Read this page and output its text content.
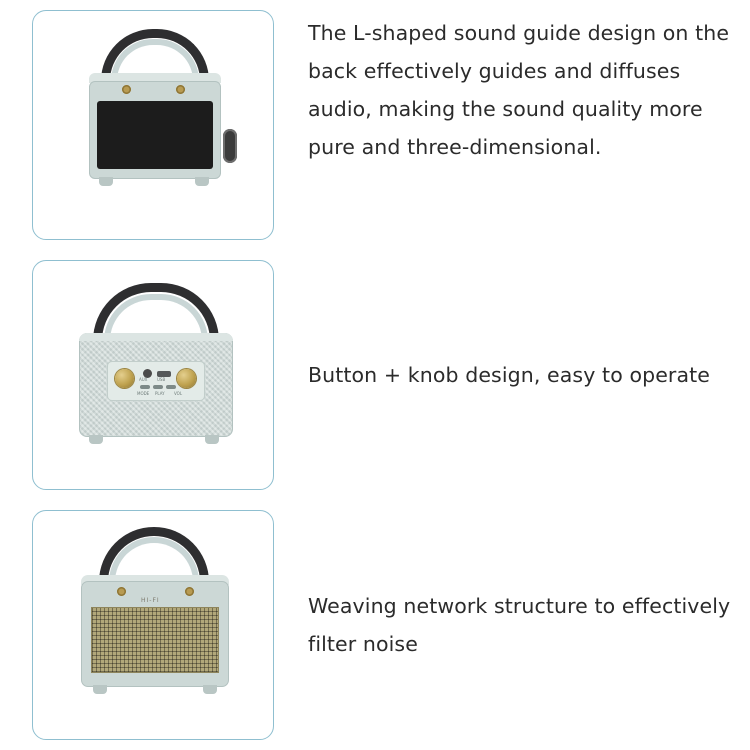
The L-shaped sound guide design on the back effectively guides and diffuses audio, making the sound quality more pure and three-dimensional.
AUX USB
MODE PLAY VOL
Button + knob design, easy to operate
HI-FI	Weaving network structure to effectively filter noise
